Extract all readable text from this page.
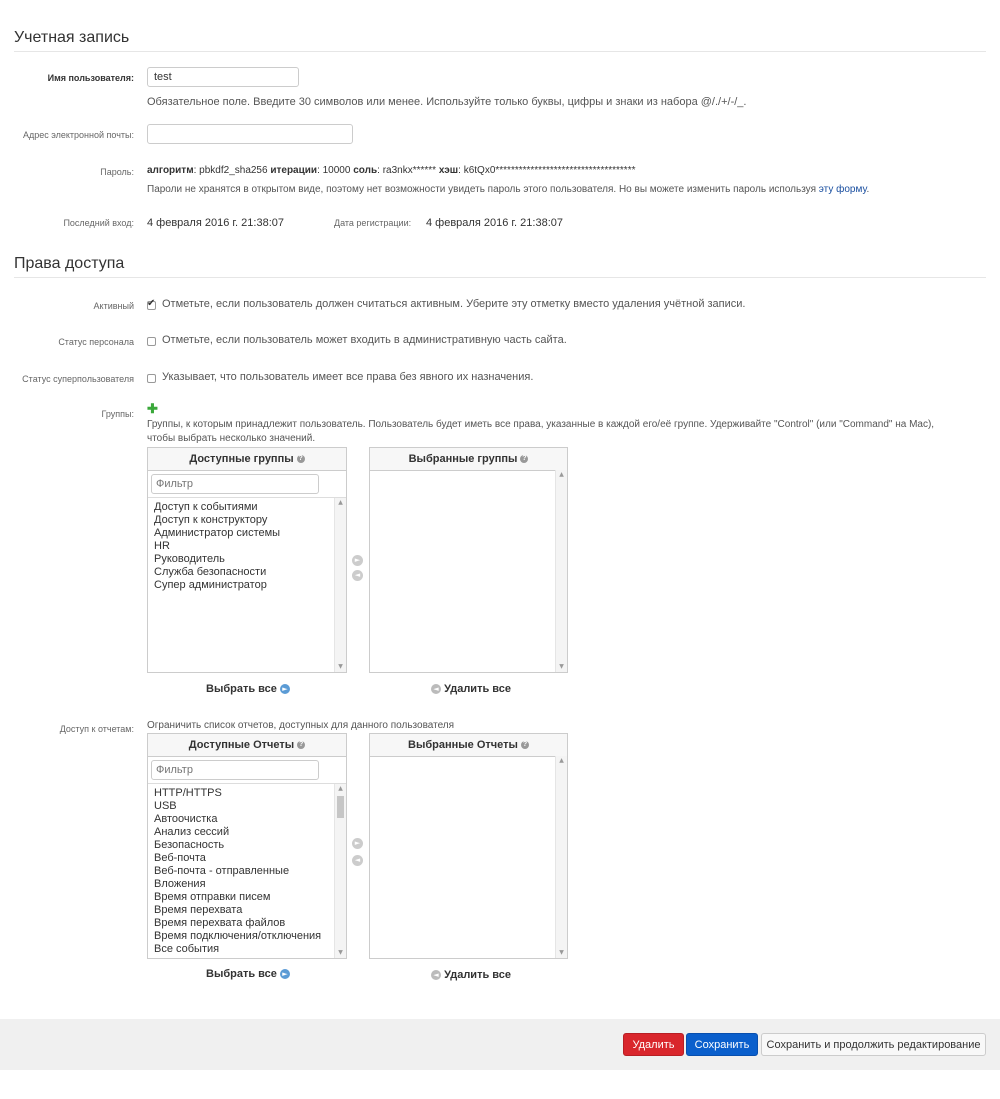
Учетная запись
Имя пользователя:
test
Обязательное поле. Введите 30 символов или менее. Используйте только буквы, цифры и знаки из набора @/./+/-/_.
Адрес электронной почты:
Пароль: алгоритм: pbkdf2_sha256 итерации: 10000 соль: ra3nkx****** хэш: k6tQx0************************************
Пароли не хранятся в открытом виде, поэтому нет возможности увидеть пароль этого пользователя. Но вы можете изменить пароль используя эту форму.
Последний вход: 4 февраля 2016 г. 21:38:07	Дата регистрации: 4 февраля 2016 г. 21:38:07
Права доступа
Активный
✔	Отметьте, если пользователь должен считаться активным. Уберите эту отметку вместо удаления учётной записи.
Статус персонала	Отметьте, если пользователь может входить в административную часть сайта.
Статус суперпользователя	Указывает, что пользователь имеет все права без явного их назначения.
Группы: ✚
Группы, к которым принадлежит пользователь. Пользователь будет иметь все права, указанные в каждой его/её группе. Удерживайте "Control" (или "Command" на Mac),
чтобы выбрать несколько значений.
Доступные группы ?
Фильтр
Доступ к событиями
Доступ к конструктору
Администратор системы
HR
Руководитель
Служба безопасности
Супер администратор
▲
▼
►
◄
Выбранные группы ?
▲
▼
Выбрать все ►	◄ Удалить все
Доступ к отчетам: Ограничить список отчетов, доступных для данного пользователя
Доступные Отчеты ?
Фильтр
HTTP/HTTPS
USB
Автоочистка
Анализ сессий
Безопасность
Веб-почта
Веб-почта - отправленные
Вложения
Время отправки писем
Время перехвата
Время перехвата файлов
Время подключения/отключения
Все события
▲
▼
►
◄
Выбранные Отчеты ?
▲
▼
Выбрать все ►	◄ Удалить все
Удалить	Сохранить	Сохранить и продолжить редактирование
